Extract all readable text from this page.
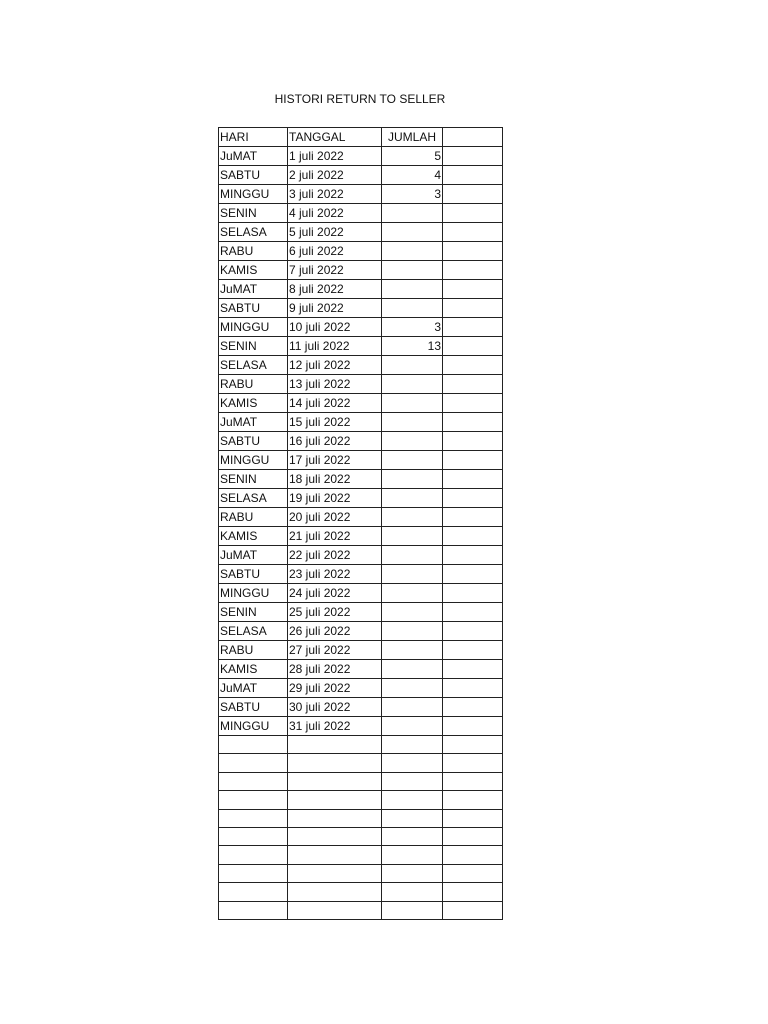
HISTORI RETURN TO SELLER
HARI	TANGGAL	JUMLAH	
JuMAT	1 juli 2022	5	
SABTU	2 juli 2022	4	
MINGGU	3 juli 2022	3	
SENIN	4 juli 2022		
SELASA	5 juli 2022		
RABU	6 juli 2022		
KAMIS	7 juli 2022		
JuMAT	8 juli 2022		
SABTU	9 juli 2022		
MINGGU	10 juli 2022	3	
SENIN	11 juli 2022	13	
SELASA	12 juli 2022		
RABU	13 juli 2022		
KAMIS	14 juli 2022		
JuMAT	15 juli 2022		
SABTU	16 juli 2022		
MINGGU	17 juli 2022		
SENIN	18 juli 2022		
SELASA	19 juli 2022		
RABU	20 juli 2022		
KAMIS	21 juli 2022		
JuMAT	22 juli 2022		
SABTU	23 juli 2022		
MINGGU	24 juli 2022		
SENIN	25 juli 2022		
SELASA	26 juli 2022		
RABU	27 juli 2022		
KAMIS	28 juli 2022		
JuMAT	29 juli 2022		
SABTU	30 juli 2022		
MINGGU	31 juli 2022		
